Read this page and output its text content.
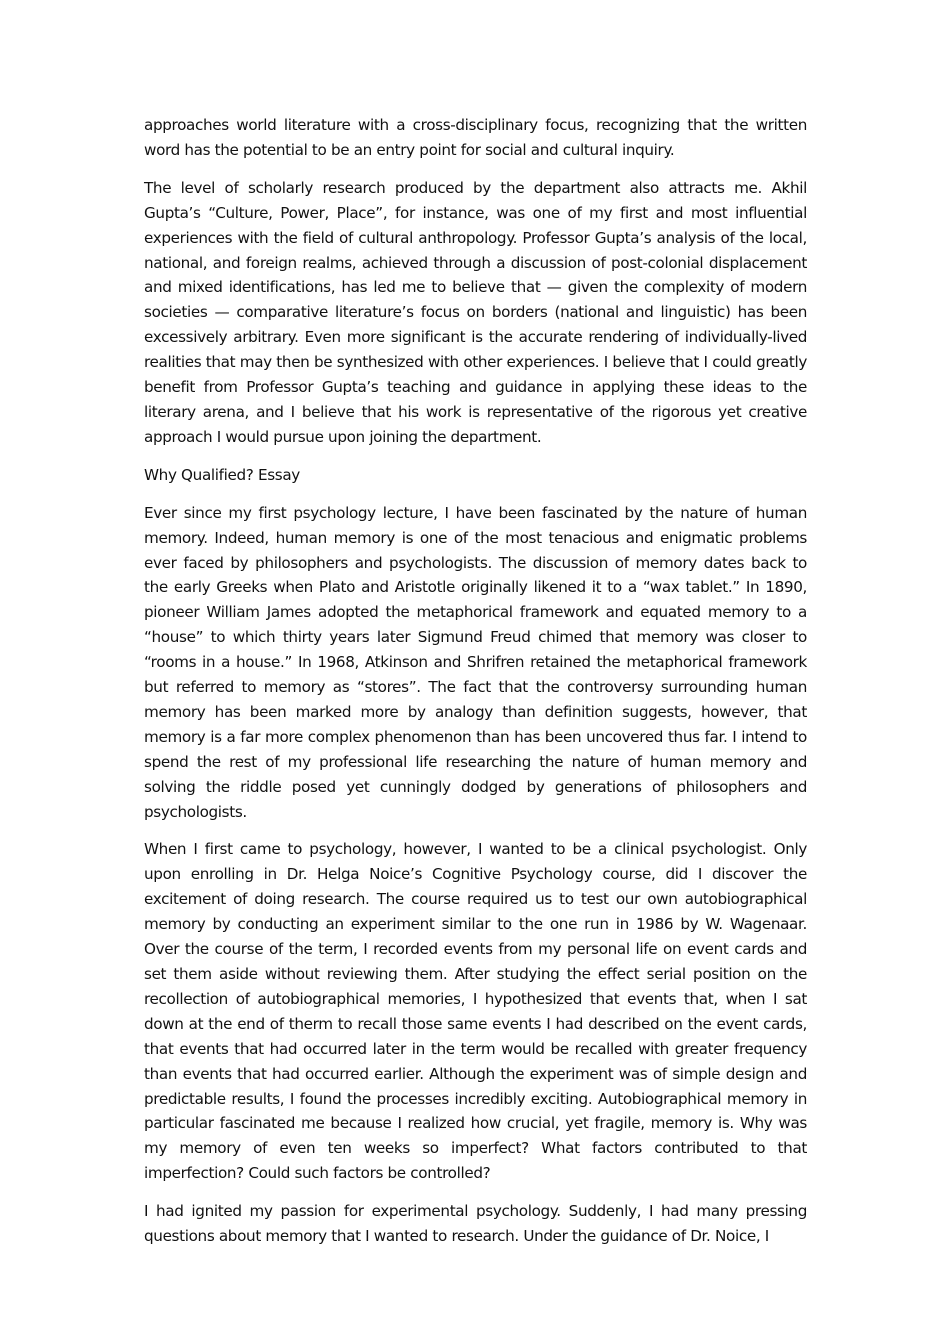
approaches world literature with a cross-disciplinary focus, recognizing that the written word has the potential to be an entry point for social and cultural inquiry.

The level of scholarly research produced by the department also attracts me. Akhil Gupta’s “Culture, Power, Place”, for instance, was one of my first and most influential experiences with the field of cultural anthropology. Professor Gupta’s analysis of the local, national, and foreign realms, achieved through a discussion of post-colonial displacement and mixed identifications, has led me to believe that — given the complexity of modern societies — comparative literature’s focus on borders (national and linguistic) has been excessively arbitrary. Even more significant is the accurate rendering of individually-lived realities that may then be synthesized with other experiences. I believe that I could greatly benefit from Professor Gupta’s teaching and guidance in applying these ideas to the literary arena, and I believe that his work is representative of the rigorous yet creative approach I would pursue upon joining the department.

Why Qualified? Essay

Ever since my first psychology lecture, I have been fascinated by the nature of human memory. Indeed, human memory is one of the most tenacious and enigmatic problems ever faced by philosophers and psychologists. The discussion of memory dates back to the early Greeks when Plato and Aristotle originally likened it to a “wax tablet.” In 1890, pioneer William James adopted the metaphorical framework and equated memory to a “house” to which thirty years later Sigmund Freud chimed that memory was closer to “rooms in a house.” In 1968, Atkinson and Shrifren retained the metaphorical framework but referred to memory as “stores”. The fact that the controversy surrounding human memory has been marked more by analogy than definition suggests, however, that memory is a far more complex phenomenon than has been uncovered thus far. I intend to spend the rest of my professional life researching the nature of human memory and solving the riddle posed yet cunningly dodged by generations of philosophers and psychologists.

When I first came to psychology, however, I wanted to be a clinical psychologist. Only upon enrolling in Dr. Helga Noice’s Cognitive Psychology course, did I discover the excitement of doing research. The course required us to test our own autobiographical memory by conducting an experiment similar to the one run in 1986 by W. Wagenaar. Over the course of the term, I recorded events from my personal life on event cards and set them aside without reviewing them. After studying the effect serial position on the recollection of autobiographical memories, I hypothesized that events that, when I sat down at the end of therm to recall those same events I had described on the event cards, that events that had occurred later in the term would be recalled with greater frequency than events that had occurred earlier. Although the experiment was of simple design and predictable results, I found the processes incredibly exciting. Autobiographical memory in particular fascinated me because I realized how crucial, yet fragile, memory is. Why was my memory of even ten weeks so imperfect? What factors contributed to that imperfection? Could such factors be controlled?

I had ignited my passion for experimental psychology. Suddenly, I had many pressing questions about memory that I wanted to research. Under the guidance of Dr. Noice, I
